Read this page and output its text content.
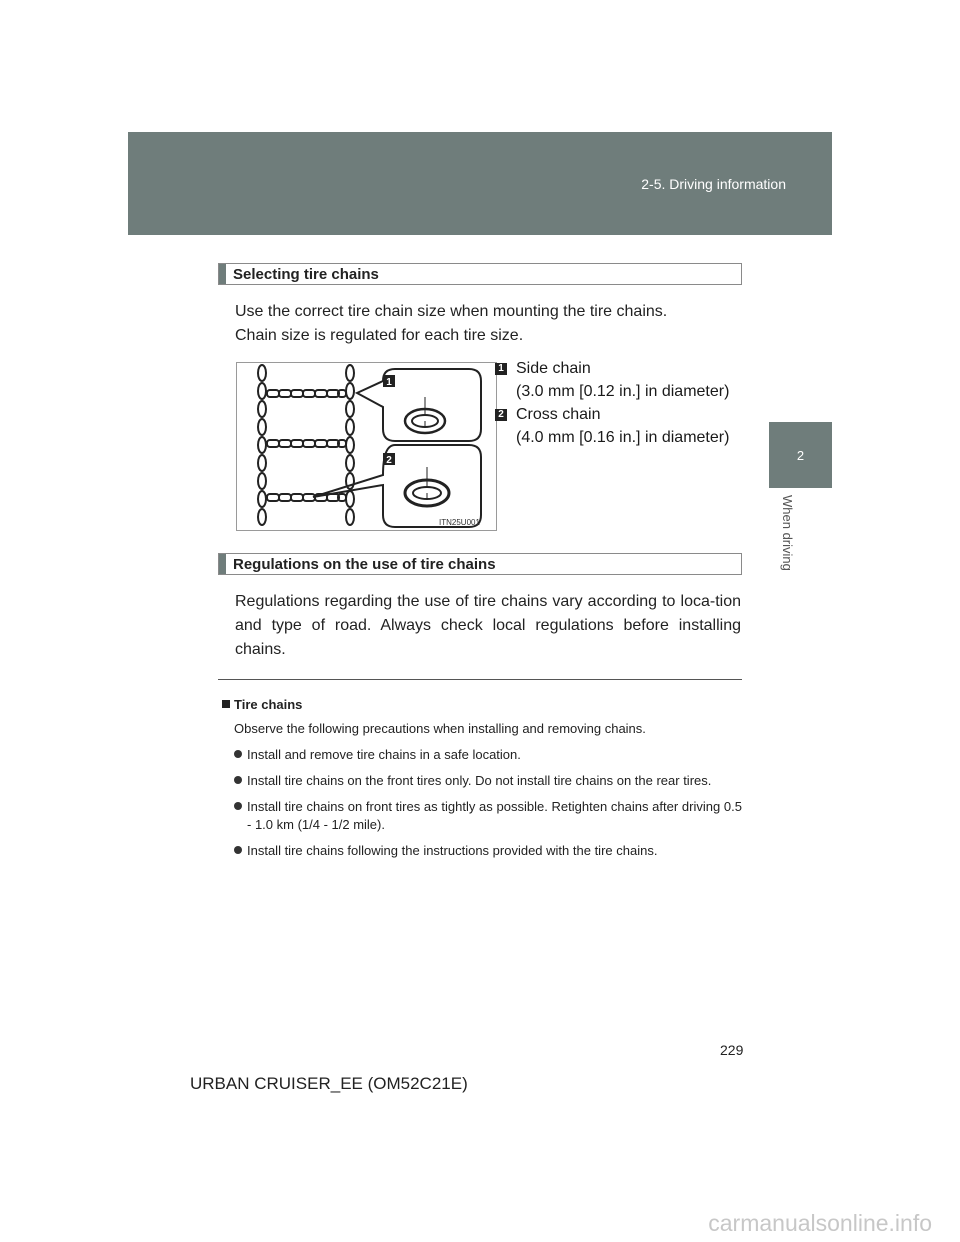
2-5. Driving information
2
When driving
Selecting tire chains
Use the correct tire chain size when mounting the tire chains.
Chain size is regulated for each tire size.
1
2
ITN25U001
1 Side chain
(3.0 mm [0.12 in.] in diameter)
2 Cross chain
(4.0 mm [0.16 in.] in diameter)
Regulations on the use of tire chains
Regulations regarding the use of tire chains vary according to loca-tion and type of road. Always check local regulations before installing chains.
Tire chains
Observe the following precautions when installing and removing chains.
Install and remove tire chains in a safe location.
Install tire chains on the front tires only. Do not install tire chains on the rear tires.
Install tire chains on front tires as tightly as possible. Retighten chains after driving 0.5 - 1.0 km (1/4 - 1/2 mile).
Install tire chains following the instructions provided with the tire chains.
229
URBAN CRUISER_EE (OM52C21E)
carmanualsonline.info
